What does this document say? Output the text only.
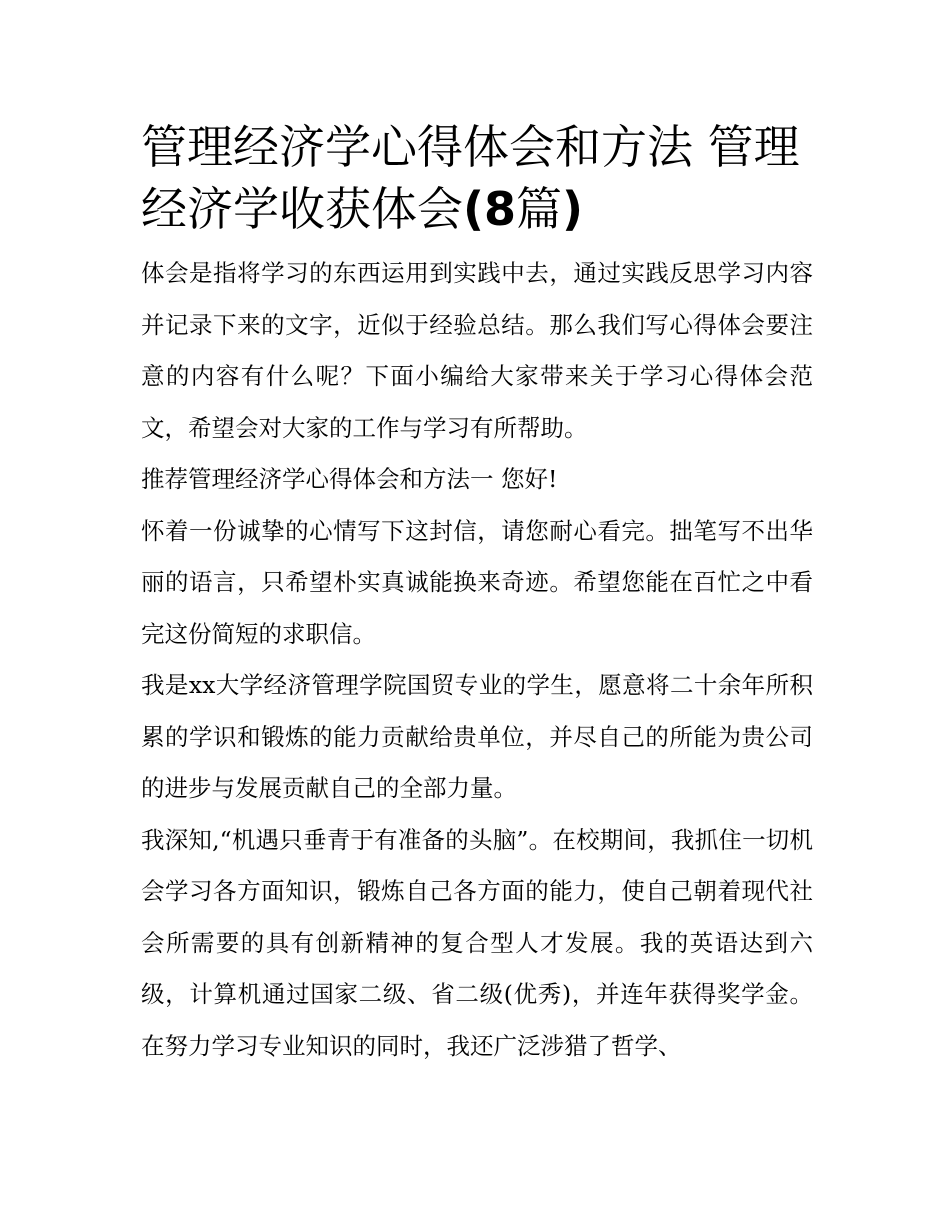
管理经济学心得体会和方法 管理经济学收获体会(8篇)

体会是指将学习的东西运用到实践中去，通过实践反思学习内容并记录下来的文字，近似于经验总结。那么我们写心得体会要注意的内容有什么呢？下面小编给大家带来关于学习心得体会范文，希望会对大家的工作与学习有所帮助。

推荐管理经济学心得体会和方法一 您好!

怀着一份诚挚的心情写下这封信，请您耐心看完。拙笔写不出华丽的语言，只希望朴实真诚能换来奇迹。希望您能在百忙之中看完这份简短的求职信。

我是xx大学经济管理学院国贸专业的学生，愿意将二十余年所积累的学识和锻炼的能力贡献给贵单位，并尽自己的所能为贵公司的进步与发展贡献自己的全部力量。

我深知,“机遇只垂青于有准备的头脑”。在校期间，我抓住一切机会学习各方面知识，锻炼自己各方面的能力，使自己朝着现代社会所需要的具有创新精神的复合型人才发展。我的英语达到六级，计算机通过国家二级、省二级(优秀)，并连年获得奖学金。在努力学习专业知识的同时，我还广泛涉猎了哲学、
